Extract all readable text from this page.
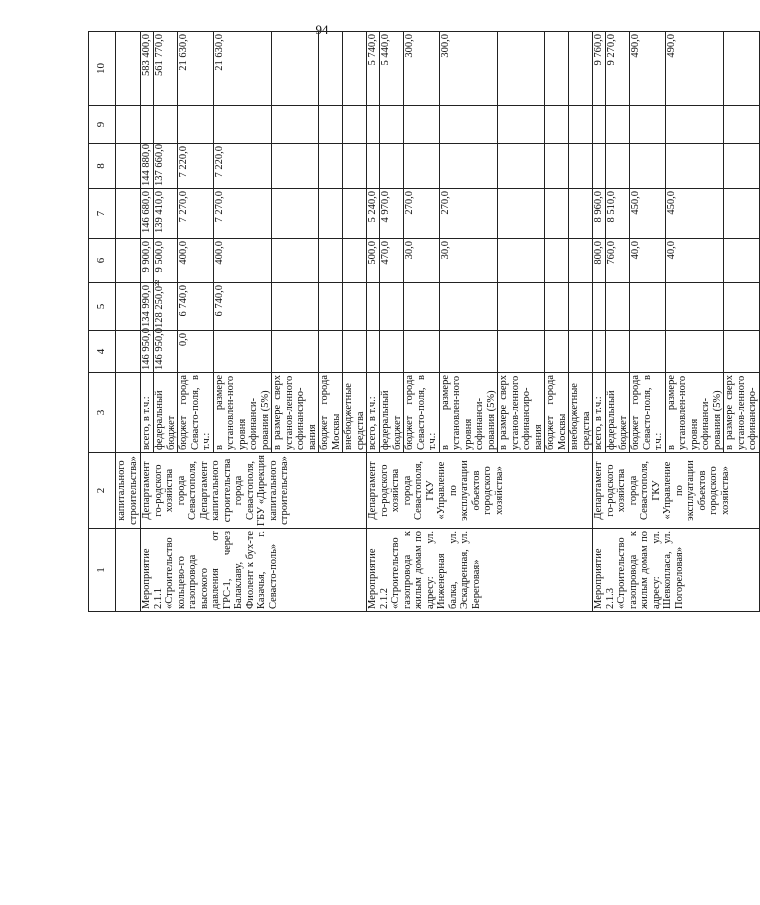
94
1	2	3	4	5	6	7	8	9	10
	капитального строительства»								
Мероприятие 2.1.1 «Строительство кольцево-го газопровода высокого давления от ГРС-1, через Балаклаву, Фиолент к бух-те Казачья, г. Севасто-поль»	Департамент го-родского хозяйства города Севастополя, Департамент капитального строительства города Севастополя, ГБУ «Дирекция капитального строительства»	всего, в т.ч.:	146 950,0	134 990,0	9 900,0	146 680,0	144 880,0		583 400,0
		федеральный бюджет	146 950,0	128 250,0²²	9 500,0	139 410,0	137 660,0		561 770,0
		бюджет города Севасто-поля, в т.ч.:	0,0	6 740,0	400,0	7 270,0	7 220,0		21 630,0
		в размере установлен-ного уровня софинанси-рования (5%)		6 740,0	400,0	7 270,0	7 220,0		21 630,0
		в размере сверх установ-ленного софинансиро-вания							
		бюджет города Москвы							
		внебюджетные средства							
Мероприятие 2.1.2 «Строительство газопровода к жилым домам по адресу: ул. Инженерная балка, ул. Эскадренная, ул. Береговая»	Департамент го-родского хозяйства города Севастополя, ГКУ «Управление по эксплуатации объектов городского хозяйства»	всего, в т.ч.:			500,0	5 240,0			5 740,0
		федеральный бюджет			470,0	4 970,0			5 440,0
		бюджет города Севасто-поля, в т.ч.:			30,0	270,0			300,0
		в размере установлен-ного уровня софинанси-рования (5%)			30,0	270,0			300,0
		в размере сверх установ-ленного софинансиро-вания							
		бюджет города Москвы							
		внебюджетные средства							
Мероприятие 2.1.3 «Строительство газопровода к жилым домам по адресу: ул. Шевкопласа, ул. Погореловая»	Департамент го-родского хозяйства города Севастополя, ГКУ «Управление по эксплуатации объектов городского хозяйства»	всего, в т.ч.:			800,0	8 960,0			9 760,0
		федеральный бюджет			760,0	8 510,0			9 270,0
		бюджет города Севасто-поля, в т.ч.:			40,0	450,0			490,0
		в размере установлен-ного уровня софинанси-рования (5%)			40,0	450,0			490,0
		в размере сверх установ-ленного софинансиро-							
